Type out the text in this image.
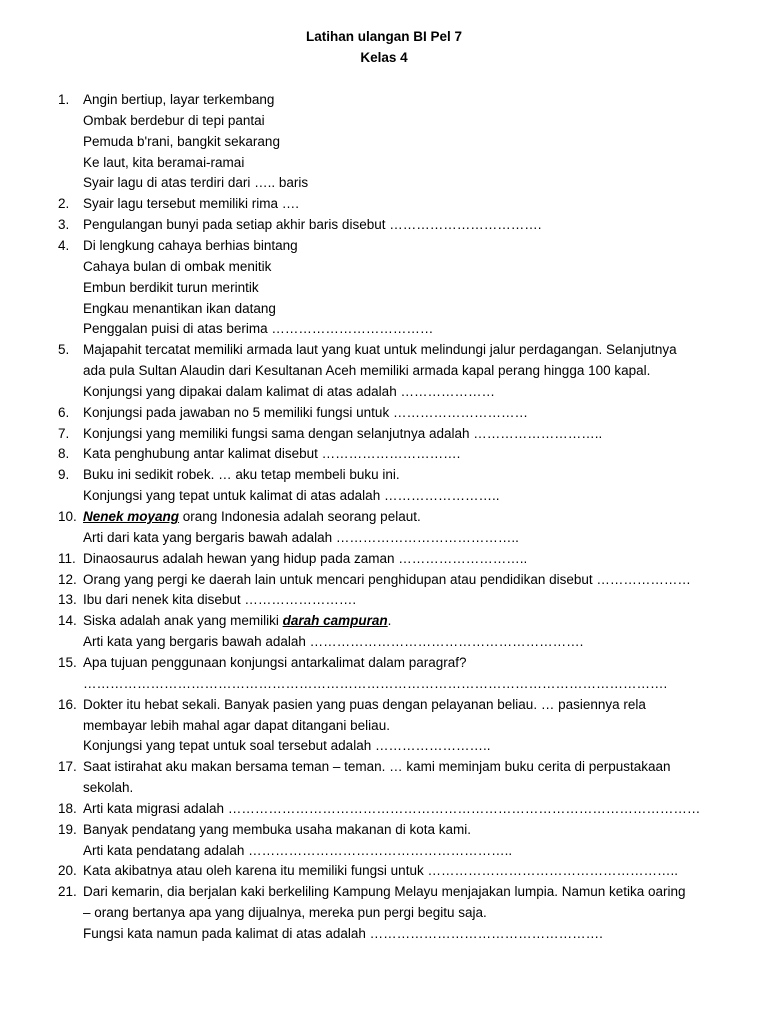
Latihan ulangan BI Pel 7
Kelas 4
1. Angin bertiup, layar terkembang
Ombak berdebur di tepi pantai
Pemuda b'rani, bangkit sekarang
Ke laut, kita beramai-ramai
Syair lagu di atas terdiri dari ….. baris
2. Syair lagu tersebut memiliki rima ….
3. Pengulangan bunyi pada setiap akhir baris disebut …………………………….
4. Di lengkung cahaya berhias bintang
Cahaya bulan di ombak menitik
Embun berdikit turun merintik
Engkau menantikan ikan datang
Penggalan puisi di atas berima ………………………………
5. Majapahit tercatat memiliki armada laut yang kuat untuk melindungi jalur perdagangan. Selanjutnya
ada pula Sultan Alaudin dari Kesultanan Aceh memiliki armada kapal perang hingga 100 kapal.
Konjungsi yang dipakai dalam kalimat di atas adalah …………………
6. Konjungsi pada jawaban no 5 memiliki fungsi untuk …………………………
7. Konjungsi yang memiliki fungsi sama dengan selanjutnya adalah ………………………..
8. Kata penghubung antar kalimat disebut ………………………….
9. Buku ini sedikit robek. … aku tetap membeli buku ini.
Konjungsi yang tepat untuk kalimat di atas adalah ……………………..
10. Nenek moyang orang Indonesia adalah seorang pelaut.
Arti dari kata yang bergaris bawah adalah …………………………………..
11. Dinaosaurus adalah hewan yang hidup pada zaman ………………………..
12. Orang yang pergi ke daerah lain untuk mencari penghidupan atau pendidikan disebut …………………
13. Ibu dari nenek kita disebut …………………….
14. Siska adalah anak yang memiliki darah campuran.
Arti kata yang bergaris bawah adalah …………………………………………………….
15. Apa tujuan penggunaan konjungsi antarkalimat dalam paragraf?
………………………………………………………………………………………………………………….
16. Dokter itu hebat sekali. Banyak pasien yang puas dengan pelayanan beliau. … pasiennya rela
membayar lebih mahal agar dapat ditangani beliau.
Konjungsi yang tepat untuk soal tersebut adalah ……………………..
17. Saat istirahat aku makan bersama teman – teman. … kami meminjam buku cerita di perpustakaan
sekolah.
18. Arti kata migrasi adalah ……………………………………………………………………………………………
19. Banyak pendatang yang membuka usaha makanan di kota kami.
Arti kata pendatang adalah …………………………………………………..
20. Kata akibatnya atau oleh karena itu memiliki fungsi untuk ………………………………………………..
21. Dari kemarin, dia berjalan kaki berkeliling Kampung Melayu menjajakan lumpia. Namun ketika oaring
– orang bertanya apa yang dijualnya, mereka pun pergi begitu saja.
Fungsi kata namun pada kalimat di atas adalah …………………………………………….
